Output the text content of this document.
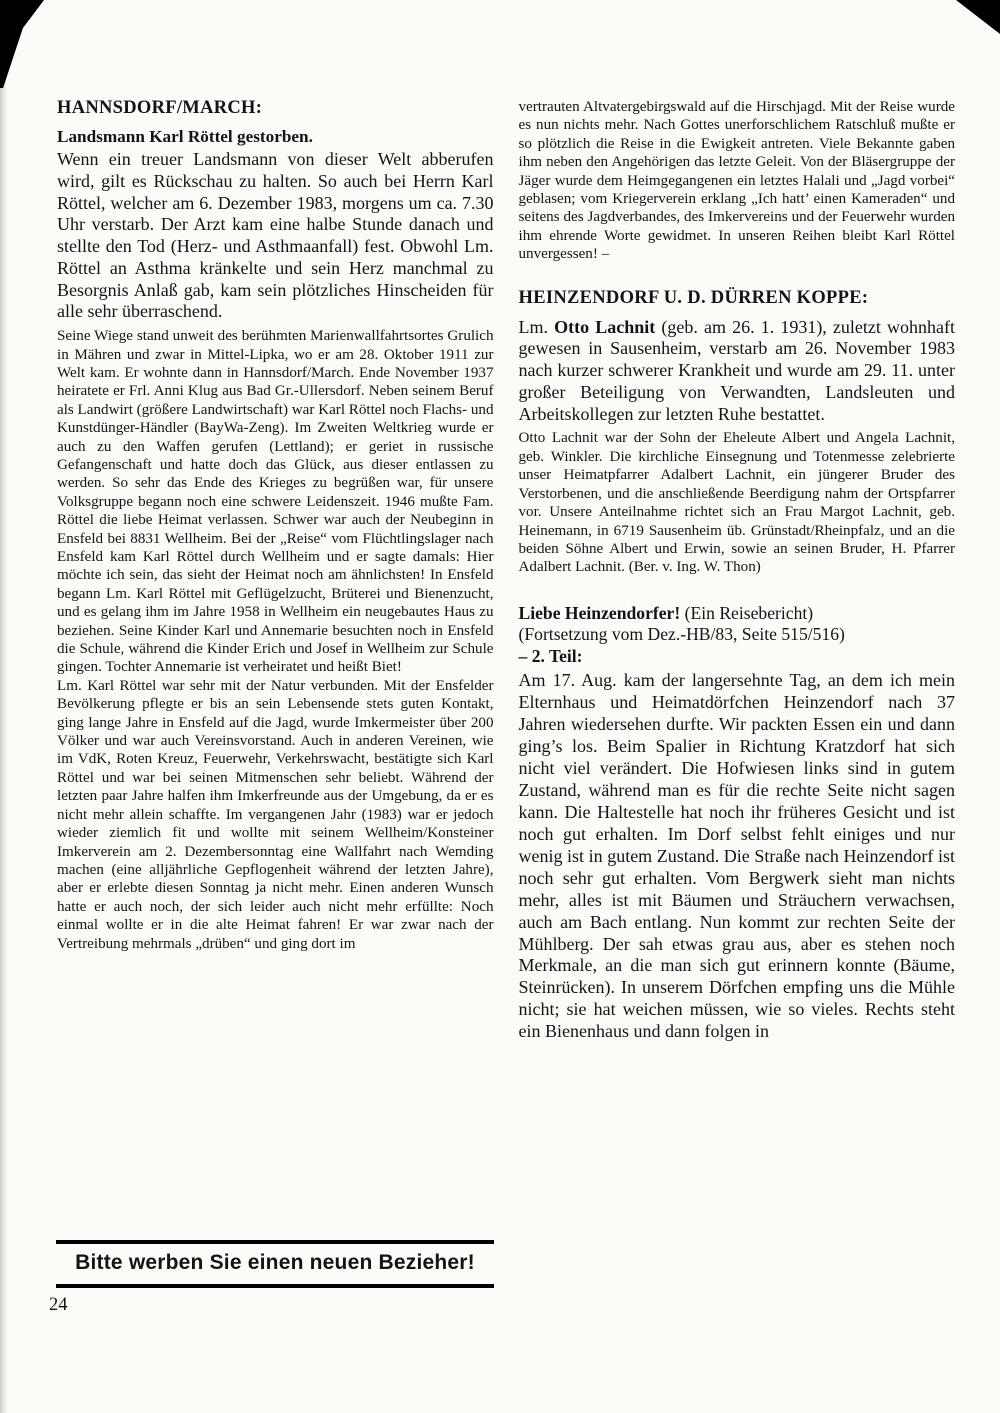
HANNSDORF/MARCH:

Landsmann Karl Röttel gestorben.

Wenn ein treuer Landsmann von dieser Welt abberufen wird, gilt es Rückschau zu halten. So auch bei Herrn Karl Röttel, welcher am 6. Dezember 1983, morgens um ca. 7.30 Uhr verstarb. Der Arzt kam eine halbe Stunde danach und stellte den Tod (Herz- und Asthmaanfall) fest. Obwohl Lm. Röttel an Asthma kränkelte und sein Herz manchmal zu Besorgnis Anlaß gab, kam sein plötzliches Hinscheiden für alle sehr überraschend.

Seine Wiege stand unweit des berühmten Marienwallfahrtsortes Grulich in Mähren und zwar in Mittel-Lipka, wo er am 28. Oktober 1911 zur Welt kam. Er wohnte dann in Hannsdorf/March. Ende November 1937 heiratete er Frl. Anni Klug aus Bad Gr.-Ullersdorf. Neben seinem Beruf als Landwirt (größere Landwirtschaft) war Karl Röttel noch Flachs- und Kunstdünger-Händler (BayWa-Zeng). Im Zweiten Weltkrieg wurde er auch zu den Waffen gerufen (Lettland); er geriet in russische Gefangenschaft und hatte doch das Glück, aus dieser entlassen zu werden. So sehr das Ende des Krieges zu begrüßen war, für unsere Volksgruppe begann noch eine schwere Leidenszeit. 1946 mußte Fam. Röttel die liebe Heimat verlassen. Schwer war auch der Neubeginn in Ensfeld bei 8831 Wellheim. Bei der „Reise“ vom Flüchtlingslager nach Ensfeld kam Karl Röttel durch Wellheim und er sagte damals: Hier möchte ich sein, das sieht der Heimat noch am ähnlichsten! In Ensfeld begann Lm. Karl Röttel mit Geflügelzucht, Brüterei und Bienenzucht, und es gelang ihm im Jahre 1958 in Wellheim ein neugebautes Haus zu beziehen. Seine Kinder Karl und Annemarie besuchten noch in Ensfeld die Schule, während die Kinder Erich und Josef in Wellheim zur Schule gingen. Tochter Annemarie ist verheiratet und heißt Biet!

Lm. Karl Röttel war sehr mit der Natur verbunden. Mit der Ensfelder Bevölkerung pflegte er bis an sein Lebensende stets guten Kontakt, ging lange Jahre in Ensfeld auf die Jagd, wurde Imkermeister über 200 Völker und war auch Vereinsvorstand. Auch in anderen Vereinen, wie im VdK, Roten Kreuz, Feuerwehr, Verkehrswacht, bestätigte sich Karl Röttel und war bei seinen Mitmenschen sehr beliebt. Während der letzten paar Jahre halfen ihm Imkerfreunde aus der Umgebung, da er es nicht mehr allein schaffte. Im vergangenen Jahr (1983) war er jedoch wieder ziemlich fit und wollte mit seinem Wellheim/Konsteiner Imkerverein am 2. Dezembersonntag eine Wallfahrt nach Wemding machen (eine alljährliche Gepflogenheit während der letzten Jahre), aber er erlebte diesen Sonntag ja nicht mehr. Einen anderen Wunsch hatte er auch noch, der sich leider auch nicht mehr erfüllte: Noch einmal wollte er in die alte Heimat fahren! Er war zwar nach der Vertreibung mehrmals „drüben“ und ging dort im

vertrauten Altvatergebirgswald auf die Hirschjagd. Mit der Reise wurde es nun nichts mehr. Nach Gottes unerforschlichem Ratschluß mußte er so plötzlich die Reise in die Ewigkeit antreten. Viele Bekannte gaben ihm neben den Angehörigen das letzte Geleit. Von der Bläsergruppe der Jäger wurde dem Heimgegangenen ein letztes Halali und „Jagd vorbei“ geblasen; vom Kriegerverein erklang „Ich hatt’ einen Kameraden“ und seitens des Jagdverbandes, des Imkervereins und der Feuerwehr wurden ihm ehrende Worte gewidmet. In unseren Reihen bleibt Karl Röttel unvergessen! –

HEINZENDORF U. D. DÜRREN KOPPE:

Lm. Otto Lachnit (geb. am 26. 1. 1931), zuletzt wohnhaft gewesen in Sausenheim, verstarb am 26. November 1983 nach kurzer schwerer Krankheit und wurde am 29. 11. unter großer Beteiligung von Verwandten, Landsleuten und Arbeitskollegen zur letzten Ruhe bestattet.

Otto Lachnit war der Sohn der Eheleute Albert und Angela Lachnit, geb. Winkler. Die kirchliche Einsegnung und Totenmesse zelebrierte unser Heimatpfarrer Adalbert Lachnit, ein jüngerer Bruder des Verstorbenen, und die anschließende Beerdigung nahm der Ortspfarrer vor. Unsere Anteilnahme richtet sich an Frau Margot Lachnit, geb. Heinemann, in 6719 Sausenheim üb. Grünstadt/Rheinpfalz, und an die beiden Söhne Albert und Erwin, sowie an seinen Bruder, H. Pfarrer Adalbert Lachnit. (Ber. v. Ing. W. Thon)

Liebe Heinzendorfer! (Ein Reisebericht)

(Fortsetzung vom Dez.-HB/83, Seite 515/516)

– 2. Teil:

Am 17. Aug. kam der langersehnte Tag, an dem ich mein Elternhaus und Heimatdörfchen Heinzendorf nach 37 Jahren wiedersehen durfte. Wir packten Essen ein und dann ging’s los. Beim Spalier in Richtung Kratzdorf hat sich nicht viel verändert. Die Hofwiesen links sind in gutem Zustand, während man es für die rechte Seite nicht sagen kann. Die Haltestelle hat noch ihr früheres Gesicht und ist noch gut erhalten. Im Dorf selbst fehlt einiges und nur wenig ist in gutem Zustand. Die Straße nach Heinzendorf ist noch sehr gut erhalten. Vom Bergwerk sieht man nichts mehr, alles ist mit Bäumen und Sträuchern verwachsen, auch am Bach entlang. Nun kommt zur rechten Seite der Mühlberg. Der sah etwas grau aus, aber es stehen noch Merkmale, an die man sich gut erinnern konnte (Bäume, Steinrücken). In unserem Dörfchen empfing uns die Mühle nicht; sie hat weichen müssen, wie so vieles. Rechts steht ein Bienenhaus und dann folgen in

Bitte werben Sie einen neuen Bezieher!
24
